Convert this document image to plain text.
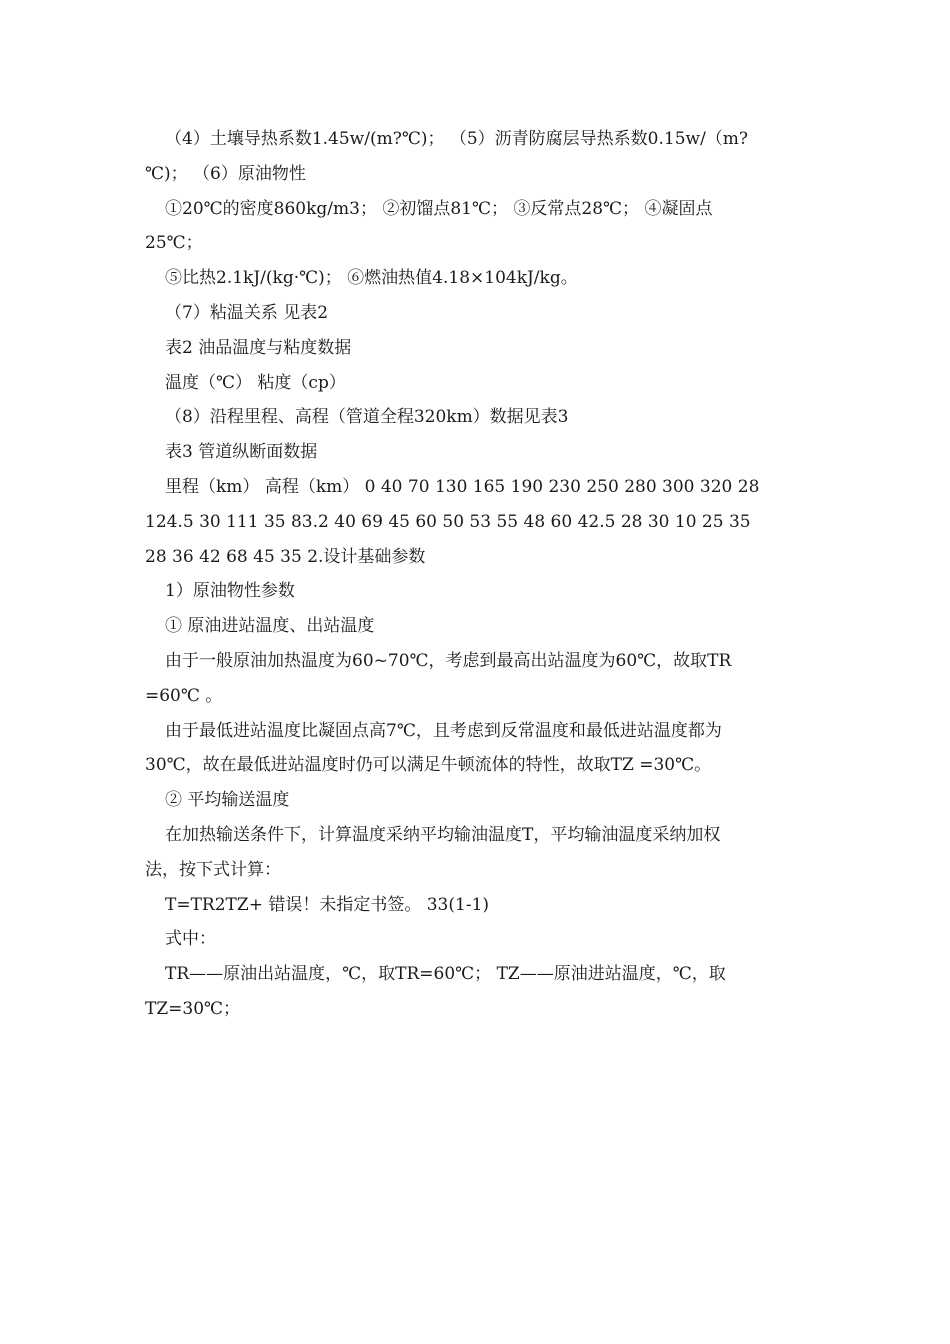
（4）土壤导热系数1.45w/(m?℃)； （5）沥青防腐层导热系数0.15w/（m?
℃)； （6）原油物性
①20℃的密度860kg/m3； ②初馏点81℃； ③反常点28℃； ④凝固点
25℃；
⑤比热2.1kJ/(kg·℃)； ⑥燃油热值4.18×104kJ/kg。
（7）粘温关系 见表2
表2 油品温度与粘度数据
温度（℃） 粘度（cp）
（8）沿程里程、高程（管道全程320km）数据见表3
表3 管道纵断面数据
里程（km） 高程（km） 0 40 70 130 165 190 230 250 280 300 320 28
124.5 30 111 35 83.2 40 69 45 60 50 53 55 48 60 42.5 28 30 10 25 35
28 36 42 68 45 35 2.设计基础参数
1）原油物性参数
① 原油进站温度、出站温度
由于一般原油加热温度为60~70℃，考虑到最高出站温度为60℃，故取TR
=60℃ 。
由于最低进站温度比凝固点高7℃，且考虑到反常温度和最低进站温度都为
30℃，故在最低进站温度时仍可以满足牛顿流体的特性，故取TZ =30℃。
② 平均输送温度
在加热输送条件下，计算温度采纳平均输油温度T，平均输油温度采纳加权
法，按下式计算：
T=TR2TZ+ 错误！未指定书签。 33(1-1)
式中：
TR——原油出站温度，℃，取TR=60℃； TZ——原油进站温度，℃，取
TZ=30℃；
